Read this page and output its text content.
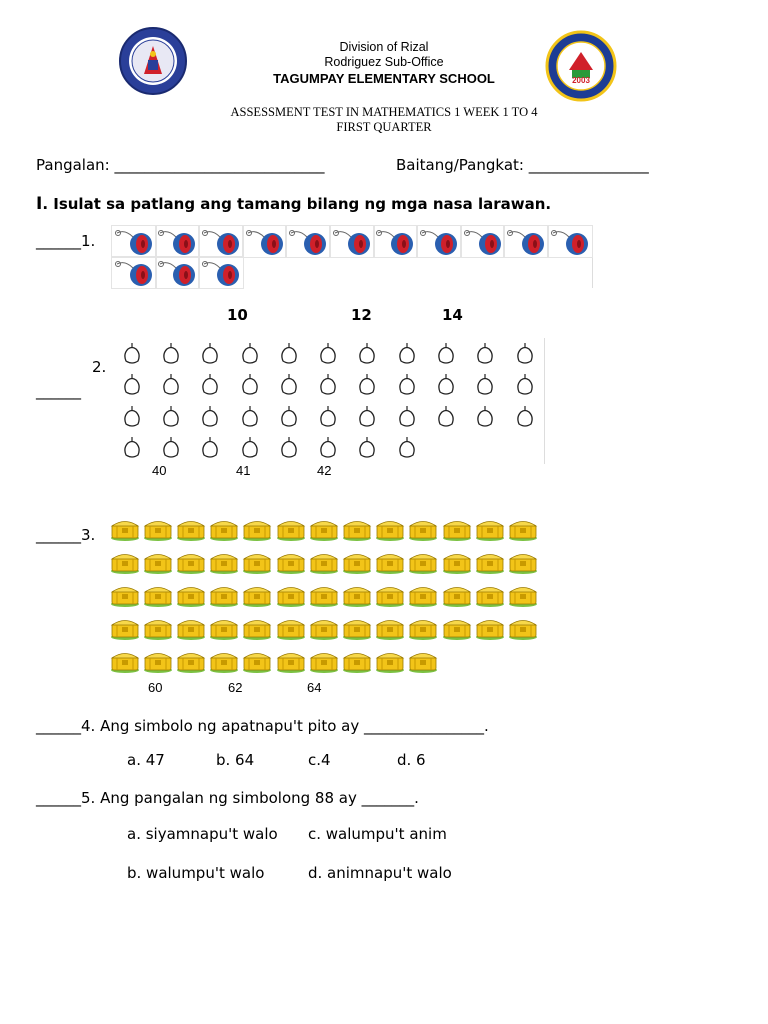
2003
Division of Rizal
Rodriguez Sub-Office
TAGUMPAY ELEMENTARY SCHOOL
ASSESSMENT TEST IN MATHEMATICS 1 WEEK 1 TO 4
FIRST QUARTER
Pangalan: ____________________________	Baitang/Pangkat: ________________
I. Isulat sa patlang ang tamang bilang ng mga nasa larawan.
______1.
10	12	14
2.
______
40	41	42
______3.
60	62	64
______4. Ang simbolo ng apatnapu't pito ay ________________.
a. 47	b. 64	c.4	d. 6
______5. Ang pangalan ng simbolong 88 ay _______.
a. siyamnapu't walo c. walumpu't anim
b. walumpu't walo	d. animnapu't walo
